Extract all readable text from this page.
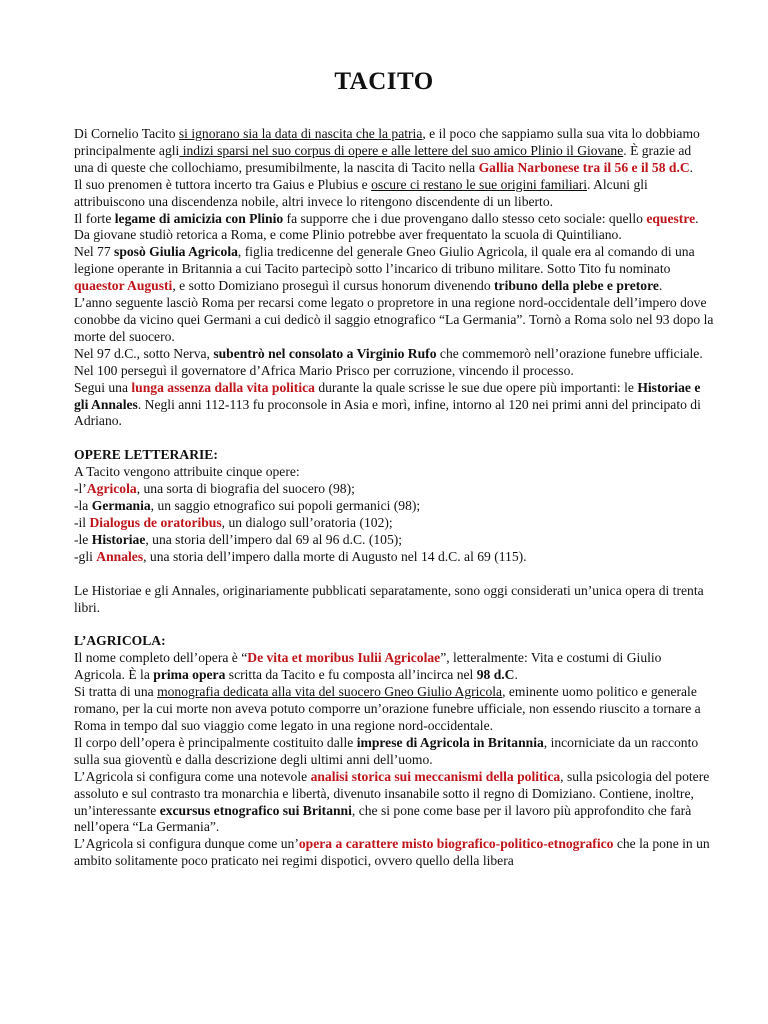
TACITO

Di Cornelio Tacito si ignorano sia la data di nascita che la patria, e il poco che sappiamo sulla sua vita lo dobbiamo principalmente agli indizi sparsi nel suo corpus di opere e alle lettere del suo amico Plinio il Giovane. È grazie ad una di queste che collochiamo, presumibilmente, la nascita di Tacito nella Gallia Narbonese tra il 56 e il 58 d.C.

Il suo prenomen è tuttora incerto tra Gaius e Plubius e oscure ci restano le sue origini familiari. Alcuni gli attribuiscono una discendenza nobile, altri invece lo ritengono discendente di un liberto.

Il forte legame di amicizia con Plinio fa supporre che i due provengano dallo stesso ceto sociale: quello equestre. Da giovane studiò retorica a Roma, e come Plinio potrebbe aver frequentato la scuola di Quintiliano.

Nel 77 sposò Giulia Agricola, figlia tredicenne del generale Gneo Giulio Agricola, il quale era al comando di una legione operante in Britannia a cui Tacito partecipò sotto l’incarico di tribuno militare. Sotto Tito fu nominato quaestor Augusti, e sotto Domiziano proseguì il cursus honorum divenendo tribuno della plebe e pretore.

L’anno seguente lasciò Roma per recarsi come legato o propretore in una regione nord-occidentale dell’impero dove conobbe da vicino quei Germani a cui dedicò il saggio etnografico “La Germania”. Tornò a Roma solo nel 93 dopo la morte del suocero.

Nel 97 d.C., sotto Nerva, subentrò nel consolato a Virginio Rufo che commemorò nell’orazione funebre ufficiale.

Nel 100 perseguì il governatore d’Africa Mario Prisco per corruzione, vincendo il processo.

Segui una lunga assenza dalla vita politica durante la quale scrisse le sue due opere più importanti: le Historiae e gli Annales. Negli anni 112-113 fu proconsole in Asia e morì, infine, intorno al 120 nei primi anni del principato di Adriano.

OPERE LETTERARIE:

A Tacito vengono attribuite cinque opere:

-l’Agricola, una sorta di biografia del suocero (98);

-la Germania, un saggio etnografico sui popoli germanici (98);

-il Dialogus de oratoribus, un dialogo sull’oratoria (102);

-le Historiae, una storia dell’impero dal 69 al 96 d.C. (105);

-gli Annales, una storia dell’impero dalla morte di Augusto nel 14 d.C. al 69 (115).

Le Historiae e gli Annales, originariamente pubblicati separatamente, sono oggi considerati un’unica opera di trenta libri.

L’AGRICOLA:

Il nome completo dell’opera è “De vita et moribus Iulii Agricolae”, letteralmente: Vita e costumi di Giulio Agricola. È la prima opera scritta da Tacito e fu composta all’incirca nel 98 d.C.

Si tratta di una monografia dedicata alla vita del suocero Gneo Giulio Agricola, eminente uomo politico e generale romano, per la cui morte non aveva potuto comporre un’orazione funebre ufficiale, non essendo riuscito a tornare a Roma in tempo dal suo viaggio come legato in una regione nord-occidentale.

Il corpo dell’opera è principalmente costituito dalle imprese di Agricola in Britannia, incorniciate da un racconto sulla sua gioventù e dalla descrizione degli ultimi anni dell’uomo.

L’Agricola si configura come una notevole analisi storica sui meccanismi della politica, sulla psicologia del potere assoluto e sul contrasto tra monarchia e libertà, divenuto insanabile sotto il regno di Domiziano. Contiene, inoltre, un’interessante excursus etnografico sui Britanni, che si pone come base per il lavoro più approfondito che farà nell’opera “La Germania”.

L’Agricola si configura dunque come un’opera a carattere misto biografico-politico-etnografico che la pone in un ambito solitamente poco praticato nei regimi dispotici, ovvero quello della libera
